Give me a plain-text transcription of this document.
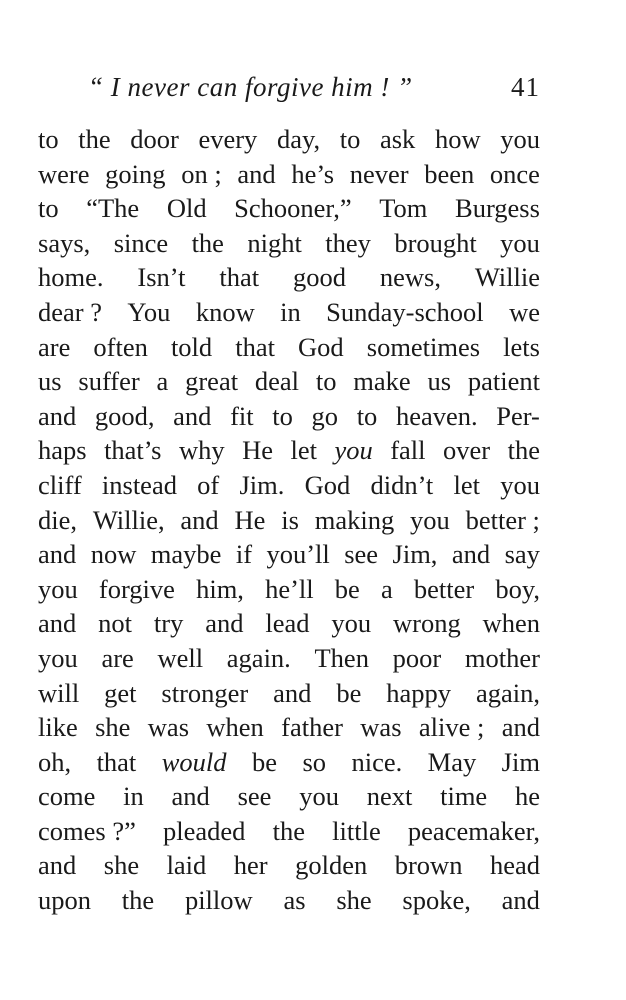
“ I never can forgive him ! ”	41
to the door every day, to ask how you
were going on ; and he’s never been once
to “The Old Schooner,” Tom Burgess
says, since the night they brought you
home. Isn’t that good news, Willie
dear ? You know in Sunday-school we
are often told that God sometimes lets
us suffer a great deal to make us patient
and good, and fit to go to heaven. Per-
haps that’s why He let you fall over the
cliff instead of Jim. God didn’t let you
die, Willie, and He is making you better ;
and now maybe if you’ll see Jim, and say
you forgive him, he’ll be a better boy,
and not try and lead you wrong when
you are well again. Then poor mother
will get stronger and be happy again,
like she was when father was alive ; and
oh, that would be so nice. May Jim
come in and see you next time he
comes ?” pleaded the little peacemaker,
and she laid her golden brown head
upon the pillow as she spoke, and
